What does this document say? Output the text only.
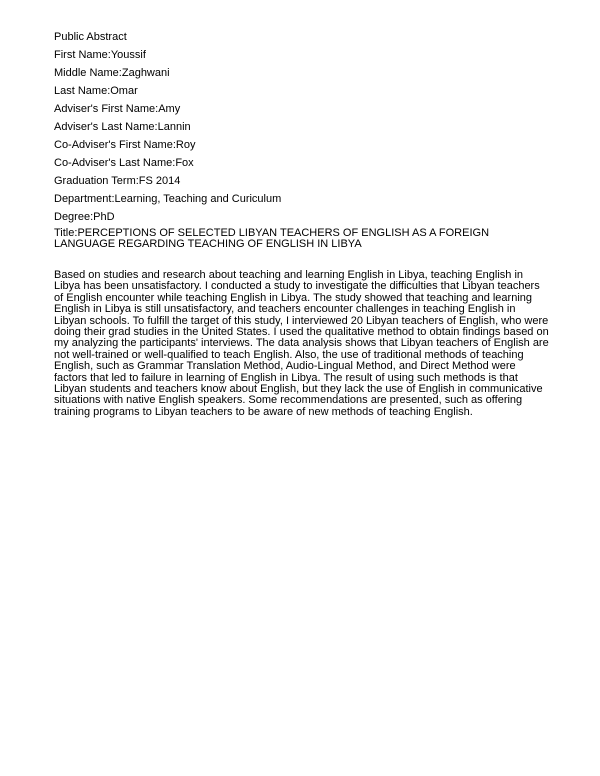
Public Abstract
First Name:Youssif
Middle Name:Zaghwani
Last Name:Omar
Adviser's First Name:Amy
Adviser's Last Name:Lannin
Co-Adviser's First Name:Roy
Co-Adviser's Last Name:Fox
Graduation Term:FS 2014
Department:Learning, Teaching and Curiculum
Degree:PhD
Title:PERCEPTIONS OF SELECTED LIBYAN TEACHERS OF ENGLISH AS A FOREIGN LANGUAGE REGARDING TEACHING OF ENGLISH IN LIBYA

Based on studies and research about teaching and learning English in Libya, teaching English in Libya has been unsatisfactory. I conducted a study to investigate the difficulties that Libyan teachers of English encounter while teaching English in Libya. The study showed that teaching and learning English in Libya is still unsatisfactory, and teachers encounter challenges in teaching English in Libyan schools. To fulfill the target of this study, I interviewed 20 Libyan teachers of English, who were doing their grad studies in the United States. I used the qualitative method to obtain findings based on my analyzing the participants' interviews. The data analysis shows that Libyan teachers of English are not well-trained or well-qualified to teach English. Also, the use of traditional methods of teaching English, such as Grammar Translation Method, Audio-Lingual Method, and Direct Method were factors that led to failure in learning of English in Libya. The result of using such methods is that Libyan students and teachers know about English, but they lack the use of English in communicative situations with native English speakers. Some recommendations are presented, such as offering training programs to Libyan teachers to be aware of new methods of teaching English.
